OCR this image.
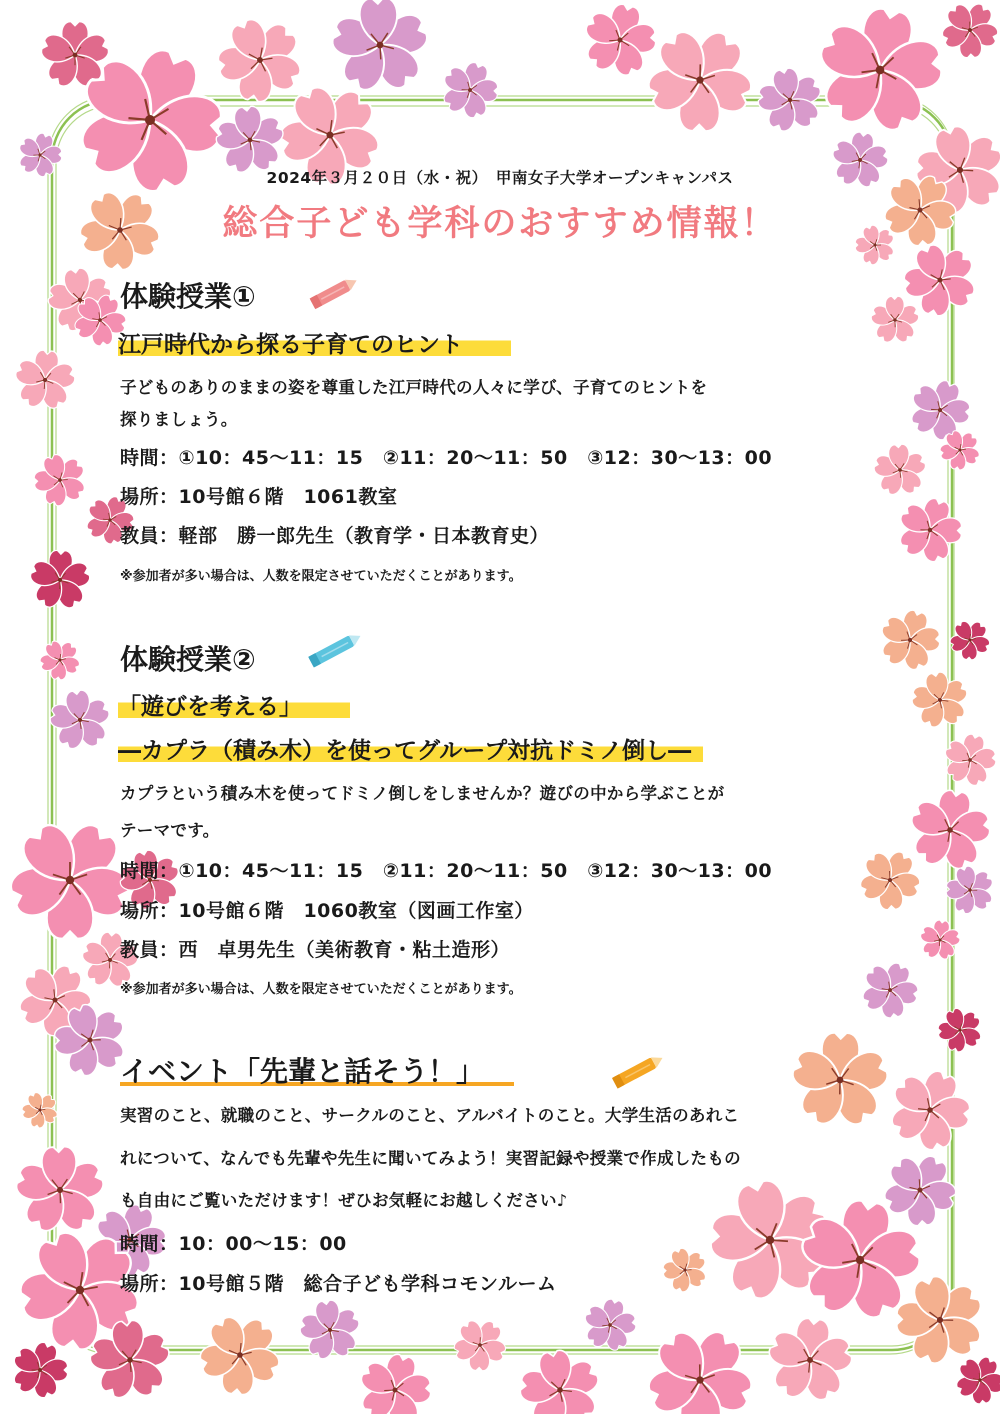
2024年３月２０日（水・祝）　甲南女子大学オープンキャンパス
総合子ども学科のおすすめ情報！
体験授業①
江戸時代から探る子育てのヒント
子どものありのままの姿を尊重した江戸時代の人々に学び、子育てのヒントを
探りましょう。
時間：①10：45～11：15　②11：20～11：50　③12：30～13：00
場所：10号館６階　1061教室
教員：軽部　勝一郎先生（教育学・日本教育史）
※参加者が多い場合は、人数を限定させていただくことがあります。
体験授業②
「遊びを考える」
―カプラ（積み木）を使ってグループ対抗ドミノ倒し―
カプラという積み木を使ってドミノ倒しをしませんか？遊びの中から学ぶことが
テーマです。
時間：①10：45～11：15　②11：20～11：50　③12：30～13：00
場所：10号館６階　1060教室（図画工作室）
教員：西　卓男先生（美術教育・粘土造形）
※参加者が多い場合は、人数を限定させていただくことがあります。
イベント「先輩と話そう！」
実習のこと、就職のこと、サークルのこと、アルバイトのこと。大学生活のあれこ
れについて、なんでも先輩や先生に聞いてみよう！実習記録や授業で作成したもの
も自由にご覧いただけます！ぜひお気軽にお越しください♪
時間：10：00～15：00
場所：10号館５階　総合子ども学科コモンルーム
